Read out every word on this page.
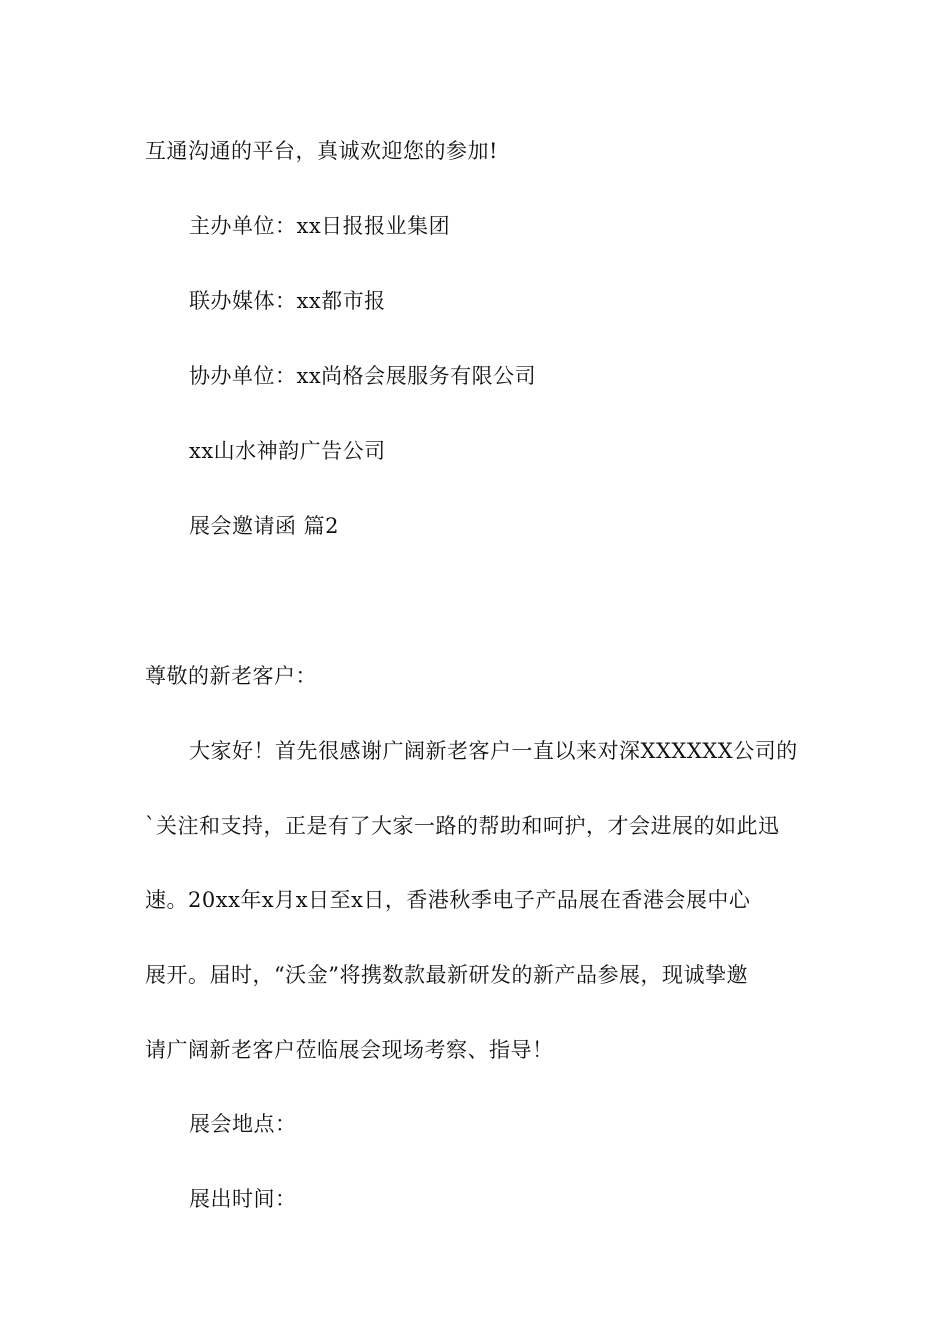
互通沟通的平台，真诚欢迎您的参加!
主办单位：xx日报报业集团
联办媒体：xx都市报
协办单位：xx尚格会展服务有限公司
xx山水神韵广告公司
展会邀请函 篇2
尊敬的新老客户：
大家好！首先很感谢广阔新老客户一直以来对深XXXXXX公司的
`关注和支持，正是有了大家一路的帮助和呵护，才会进展的如此迅
速。20xx年x月x日至x日，香港秋季电子产品展在香港会展中心
展开。届时，“沃金”将携数款最新研发的新产品参展，现诚挚邀
请广阔新老客户莅临展会现场考察、指导！
展会地点：
展出时间：
